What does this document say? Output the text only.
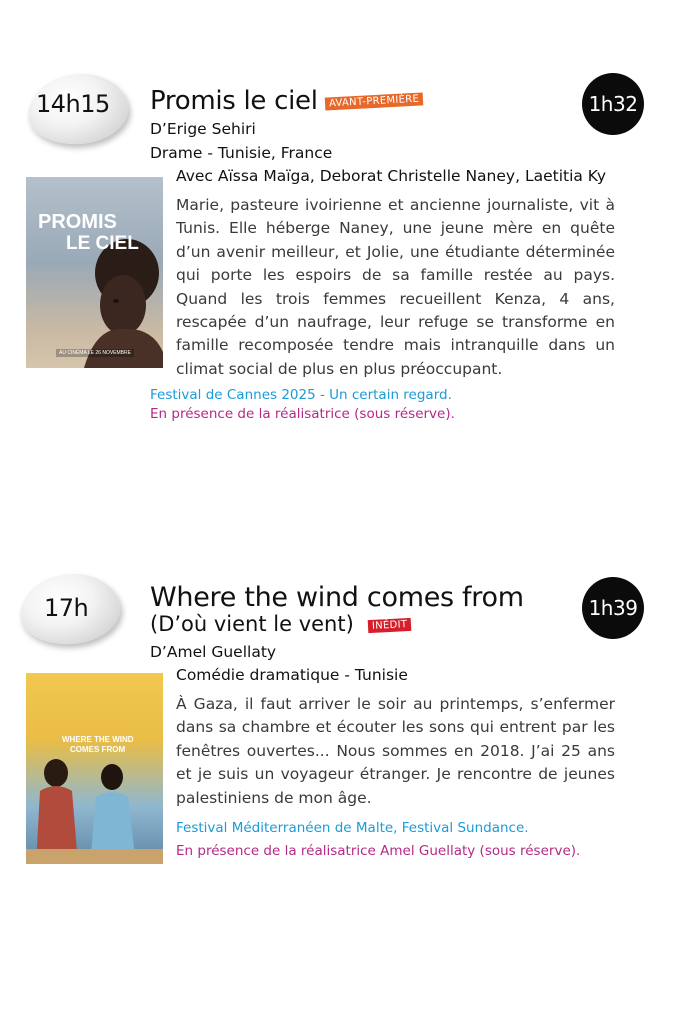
14h15 Promis le ciel	AVANT-PREMIÈRE	1h32
D’Erige Sehiri
Drame - Tunisie, France
Avec Aïssa Maïga, Deborat Christelle Naney, Laetitia Ky
PROMIS
LE CIEL
AU CINÉMA LE 26 NOVEMBRE

Marie, pasteure ivoirienne et ancienne journaliste, vit à Tunis. Elle héberge Naney, une jeune mère en quête d’un avenir meilleur, et Jolie, une étudiante déterminée qui porte les espoirs de sa famille restée au pays. Quand les trois femmes recueillent Kenza, 4 ans, rescapée d’un naufrage, leur refuge se transforme en famille recomposée tendre mais intranquille dans un climat social de plus en plus préoccupant.

Festival de Cannes 2025 - Un certain regard.
En présence de la réalisatrice (sous réserve).
17h Where the wind comes from
(D’où vient le vent)	INÉDIT
1h39
D’Amel Guellaty
Comédie dramatique - Tunisie
WHERE THE WIND
COMES FROM

À Gaza, il faut arriver le soir au printemps, s’enfermer dans sa chambre et écouter les sons qui entrent par les fenêtres ouvertes... Nous sommes en 2018. J’ai 25 ans et je suis un voyageur étranger. Je rencontre de jeunes palestiniens de mon âge.

Festival Méditerranéen de Malte, Festival Sundance.
En présence de la réalisatrice Amel Guellaty (sous réserve).
